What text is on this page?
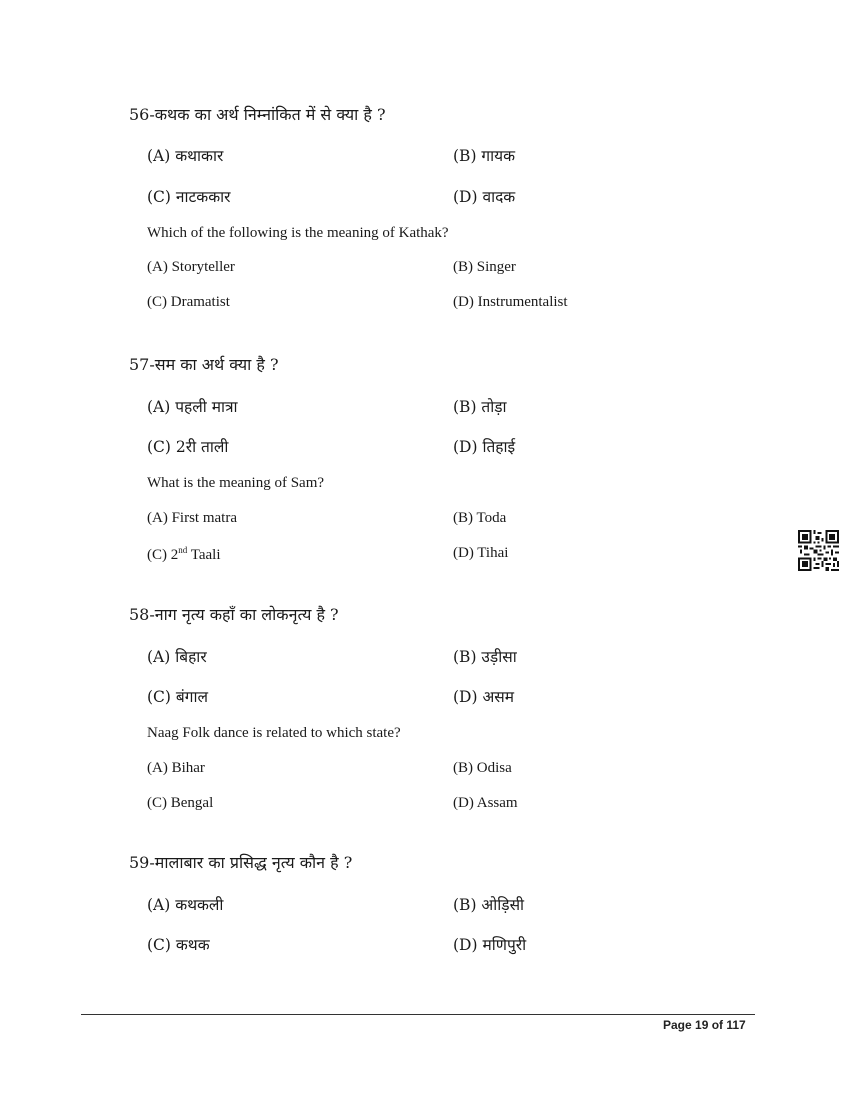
56-कथक का अर्थ निम्नांकित में से क्या है ?
(A) कथाकार	(B) गायक
(C) नाटककार	(D) वादक
Which of the following is the meaning of Kathak?
(A) Storyteller	(B) Singer
(C) Dramatist	(D) Instrumentalist
57-सम का अर्थ क्या है ?
(A) पहली मात्रा	(B) तोड़ा
(C) 2री ताली	(D) तिहाई
What is the meaning of Sam?
(A) First matra	(B) Toda
(C) 2nd Taali	(D) Tihai
58-नाग नृत्य कहाँ का लोकनृत्य है ?
(A) बिहार	(B) उड़ीसा
(C) बंगाल	(D) असम
Naag Folk dance is related to which state?
(A) Bihar	(B) Odisa
(C) Bengal	(D) Assam
59-मालाबार का प्रसिद्ध नृत्य कौन है ?
(A) कथकली	(B) ओड़िसी
(C) कथक	(D) मणिपुरी
Page 19 of 117
